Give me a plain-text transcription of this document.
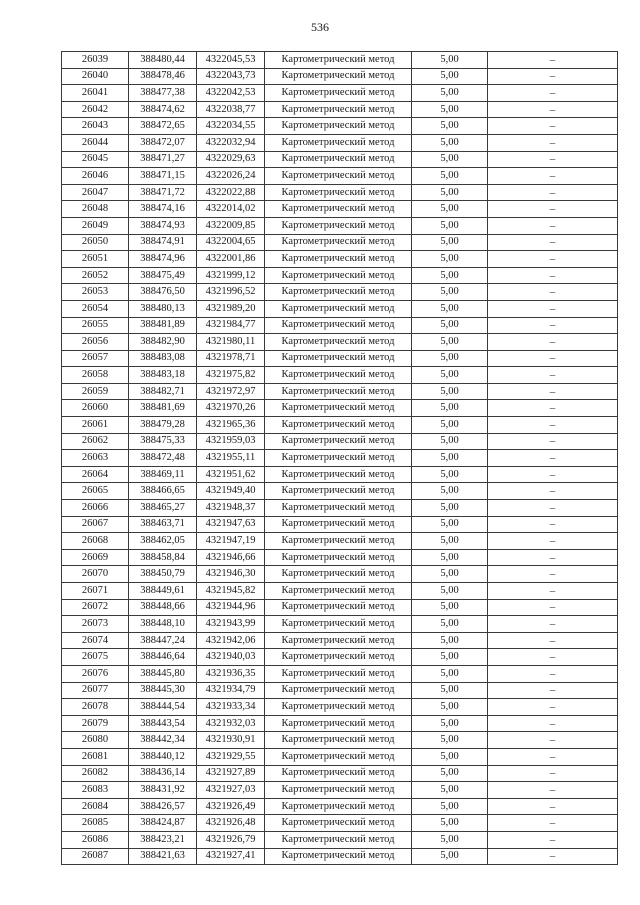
536
26039	388480,44	4322045,53	Картометрический метод	5,00	–
26040	388478,46	4322043,73	Картометрический метод	5,00	–
26041	388477,38	4322042,53	Картометрический метод	5,00	–
26042	388474,62	4322038,77	Картометрический метод	5,00	–
26043	388472,65	4322034,55	Картометрический метод	5,00	–
26044	388472,07	4322032,94	Картометрический метод	5,00	–
26045	388471,27	4322029,63	Картометрический метод	5,00	–
26046	388471,15	4322026,24	Картометрический метод	5,00	–
26047	388471,72	4322022,88	Картометрический метод	5,00	–
26048	388474,16	4322014,02	Картометрический метод	5,00	–
26049	388474,93	4322009,85	Картометрический метод	5,00	–
26050	388474,91	4322004,65	Картометрический метод	5,00	–
26051	388474,96	4322001,86	Картометрический метод	5,00	–
26052	388475,49	4321999,12	Картометрический метод	5,00	–
26053	388476,50	4321996,52	Картометрический метод	5,00	–
26054	388480,13	4321989,20	Картометрический метод	5,00	–
26055	388481,89	4321984,77	Картометрический метод	5,00	–
26056	388482,90	4321980,11	Картометрический метод	5,00	–
26057	388483,08	4321978,71	Картометрический метод	5,00	–
26058	388483,18	4321975,82	Картометрический метод	5,00	–
26059	388482,71	4321972,97	Картометрический метод	5,00	–
26060	388481,69	4321970,26	Картометрический метод	5,00	–
26061	388479,28	4321965,36	Картометрический метод	5,00	–
26062	388475,33	4321959,03	Картометрический метод	5,00	–
26063	388472,48	4321955,11	Картометрический метод	5,00	–
26064	388469,11	4321951,62	Картометрический метод	5,00	–
26065	388466,65	4321949,40	Картометрический метод	5,00	–
26066	388465,27	4321948,37	Картометрический метод	5,00	–
26067	388463,71	4321947,63	Картометрический метод	5,00	–
26068	388462,05	4321947,19	Картометрический метод	5,00	–
26069	388458,84	4321946,66	Картометрический метод	5,00	–
26070	388450,79	4321946,30	Картометрический метод	5,00	–
26071	388449,61	4321945,82	Картометрический метод	5,00	–
26072	388448,66	4321944,96	Картометрический метод	5,00	–
26073	388448,10	4321943,99	Картометрический метод	5,00	–
26074	388447,24	4321942,06	Картометрический метод	5,00	–
26075	388446,64	4321940,03	Картометрический метод	5,00	–
26076	388445,80	4321936,35	Картометрический метод	5,00	–
26077	388445,30	4321934,79	Картометрический метод	5,00	–
26078	388444,54	4321933,34	Картометрический метод	5,00	–
26079	388443,54	4321932,03	Картометрический метод	5,00	–
26080	388442,34	4321930,91	Картометрический метод	5,00	–
26081	388440,12	4321929,55	Картометрический метод	5,00	–
26082	388436,14	4321927,89	Картометрический метод	5,00	–
26083	388431,92	4321927,03	Картометрический метод	5,00	–
26084	388426,57	4321926,49	Картометрический метод	5,00	–
26085	388424,87	4321926,48	Картометрический метод	5,00	–
26086	388423,21	4321926,79	Картометрический метод	5,00	–
26087	388421,63	4321927,41	Картометрический метод	5,00	–
